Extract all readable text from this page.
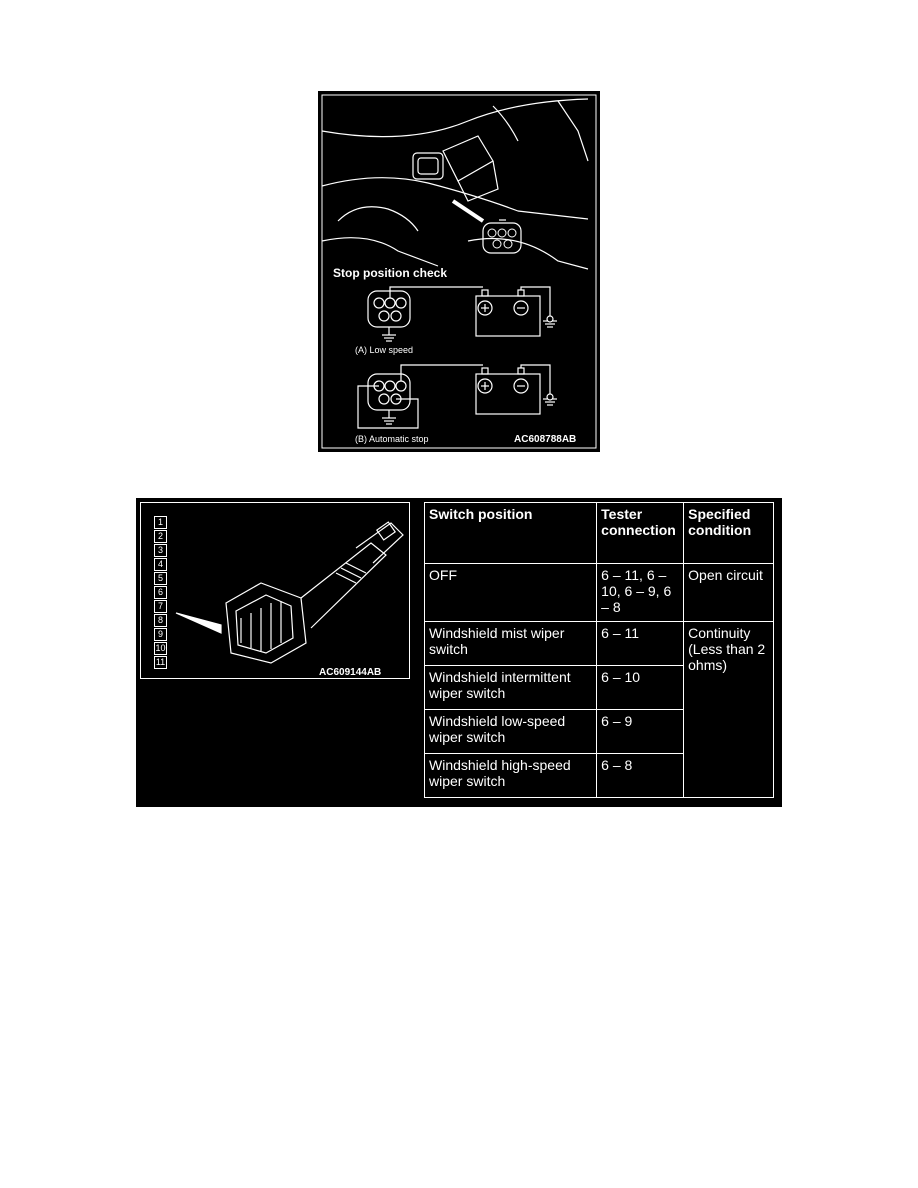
Stop position check
(A) Low speed
(B) Automatic stop	AC608788AB
1
2
3
4
5
6
7
8
9
10
11
AC609144AB
Switch position	Tester connection	Specified condition
OFF	6 – 11, 6 – 10, 6 – 9, 6 – 8	Open circuit
Windshield mist wiper switch	6 – 11	Continuity (Less than 2 ohms)
Windshield intermittent wiper switch	6 – 10	
Windshield low-speed wiper switch	6 – 9	
Windshield high-speed wiper switch	6 – 8	
